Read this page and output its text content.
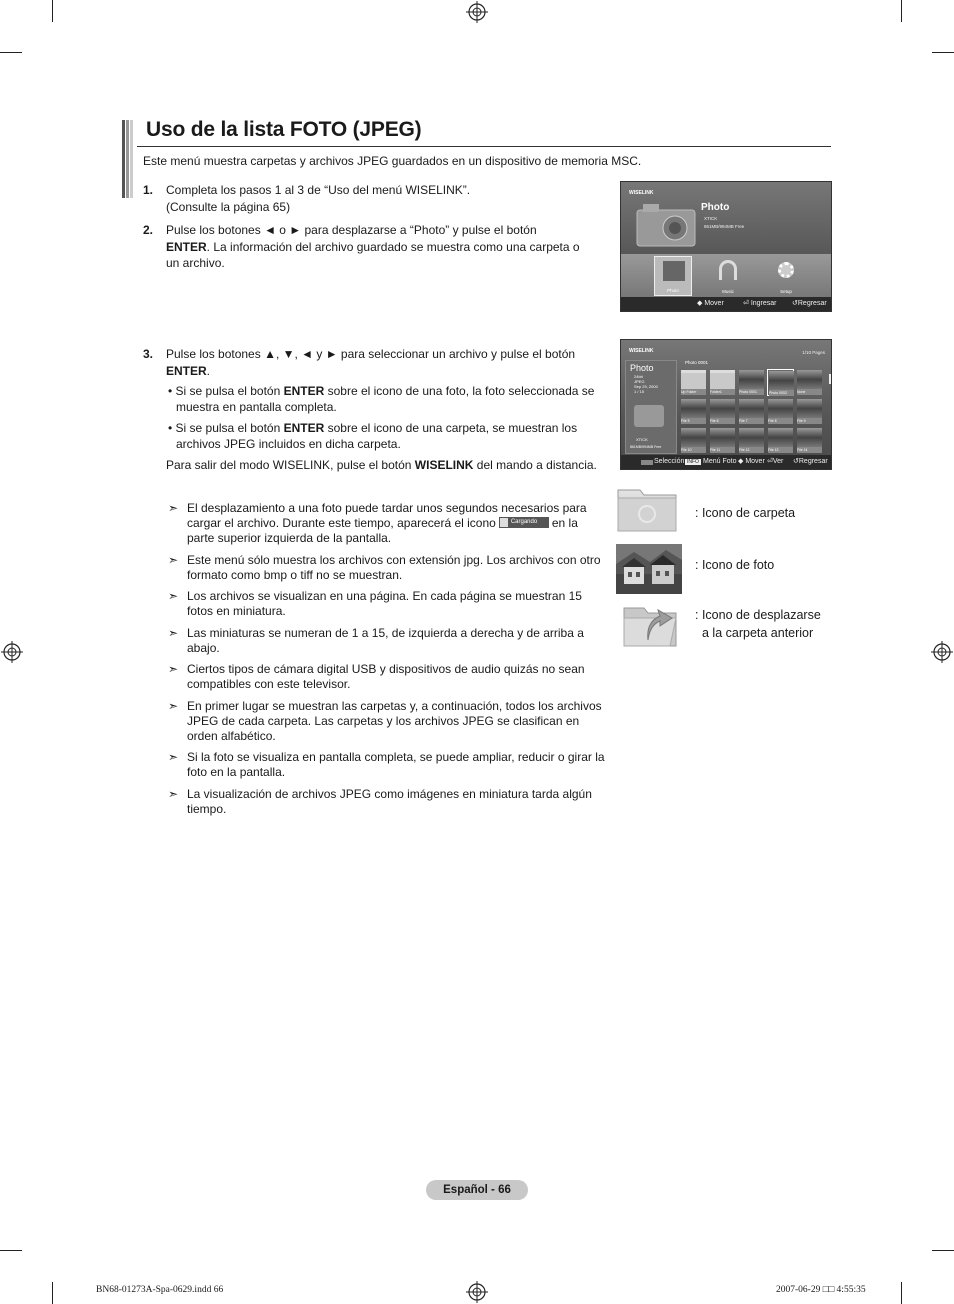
Uso de la lista FOTO (JPEG)
Este menú muestra carpetas y archivos JPEG guardados en un dispositivo de memoria MSC.
1. Completa los pasos 1 al 3 de “Uso del menú WISELINK”.
(Consulte la página 65)
2. Pulse los botones ◄ o ► para desplazarse a “Photo” y pulse el botón
ENTER. La información del archivo guardado se muestra como una carpeta o
un archivo.
3. Pulse los botones ▲, ▼, ◄ y ► para seleccionar un archivo y pulse el botón
ENTER.
• Si se pulsa el botón ENTER sobre el icono de una foto, la foto seleccionada se
muestra en pantalla completa.
• Si se pulsa el botón ENTER sobre el icono de una carpeta, se muestran los
archivos JPEG incluidos en dicha carpeta.
Para salir del modo WISELINK, pulse el botón WISELINK del mando a distancia.
➣ El desplazamiento a una foto puede tardar unos segundos necesarios para
cargar el archivo. Durante este tiempo, aparecerá el icono	Cargando en la
parte superior izquierda de la pantalla.
➣ Este menú sólo muestra los archivos con extensión jpg. Los archivos con otro
formato como bmp o tiff no se muestran.
➣ Los archivos se visualizan en una página. En cada página se muestran 15
fotos en miniatura.
➣ Las miniaturas se numeran de 1 a 15, de izquierda a derecha y de arriba a
abajo.
➣ Ciertos tipos de cámara digital USB y dispositivos de audio quizás no sean
compatibles con este televisor.
➣ En primer lugar se muestran las carpetas y, a continuación, todos los archivos
JPEG de cada carpeta. Las carpetas y los archivos JPEG se clasifican en
orden alfabético.
➣ Si la foto se visualiza en pantalla completa, se puede ampliar, reducir o girar la
foto en la pantalla.
➣ La visualización de archivos JPEG como imágenes en miniatura tarda algún
tiempo.
WISELINK
Photo
XTICK
861MB/994MB Free
Photo	Music	Setup
◆ Mover	⏎ Ingresar ↺Regresar
WISELINK	1/10 Pages
Photo
24bit
JPEG
Sep 29, 2000
1 / 15
XTICK
861MB/994MB Free
Photo 0001
Up Folder	Folder1	Photo 0001	Photo 0002	None
File 5	File 6	File 7	File 8	File 9
File 10	File 11	File 12	File 13	File 14
Selección INFO Menú Foto ◆ Mover ⏎Ver ↺Regresar
: Icono de carpeta
: Icono de foto
: Icono de desplazarse
a la carpeta anterior
Español - 66
BN68-01273A-Spa-0629.indd 66	2007-06-29 □□ 4:55:35
